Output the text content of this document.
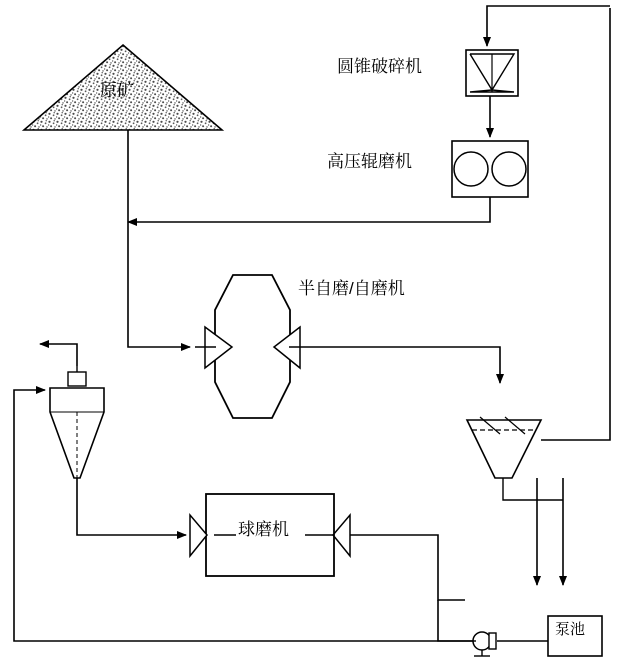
圆锥破碎机
高压辊磨机
半自磨/自磨机
原矿
球磨机
泵池
